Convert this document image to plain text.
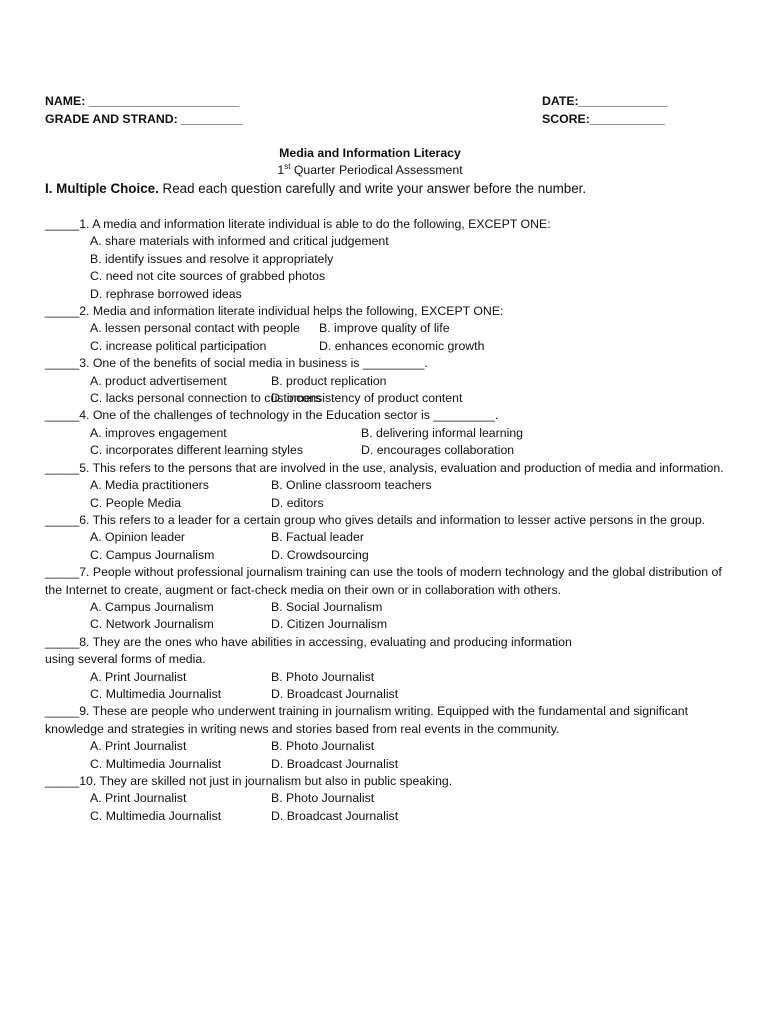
NAME: ______________________
GRADE AND STRAND: _________
DATE:_____________
SCORE:___________
Media and Information Literacy
1st Quarter Periodical Assessment
I. Multiple Choice. Read each question carefully and write your answer before the number.
_____1. A media and information literate individual is able to do the following, EXCEPT ONE:
A. share materials with informed and critical judgement
B. identify issues and resolve it appropriately
C. need not cite sources of grabbed photos
D. rephrase borrowed ideas
_____2. Media and information literate individual helps the following, EXCEPT ONE:
A. lessen personal contact with people	B. improve quality of life
C. increase political participation	D. enhances economic growth
_____3. One of the benefits of social media in business is _________.
A. product advertisement	B. product replication
C. lacks personal connection to customers
D. inconsistency of product content
_____4. One of the challenges of technology in the Education sector is _________.
A. improves engagement	B. delivering informal learning
C. incorporates different learning styles	D. encourages collaboration
_____5. This refers to the persons that are involved in the use, analysis, evaluation and production of media and information.
A. Media practitioners	B. Online classroom teachers
C. People Media	D. editors
_____6. This refers to a leader for a certain group who gives details and information to lesser active persons in the group.
A. Opinion leader	B. Factual leader
C. Campus Journalism	D. Crowdsourcing
_____7. People without professional journalism training can use the tools of modern technology and the global distribution of the Internet to create, augment or fact-check media on their own or in collaboration with others.
A. Campus Journalism	B. Social Journalism
C. Network Journalism	D. Citizen Journalism
_____8. They are the ones who have abilities in accessing, evaluating and producing information
using several forms of media.
A. Print Journalist	B. Photo Journalist
C. Multimedia Journalist	D. Broadcast Journalist
_____9. These are people who underwent training in journalism writing. Equipped with the fundamental and significant knowledge and strategies in writing news and stories based from real events in the community.
A. Print Journalist	B. Photo Journalist
C. Multimedia Journalist	D. Broadcast Journalist
_____10. They are skilled not just in journalism but also in public speaking.
A. Print Journalist	B. Photo Journalist
C. Multimedia Journalist	D. Broadcast Journalist
